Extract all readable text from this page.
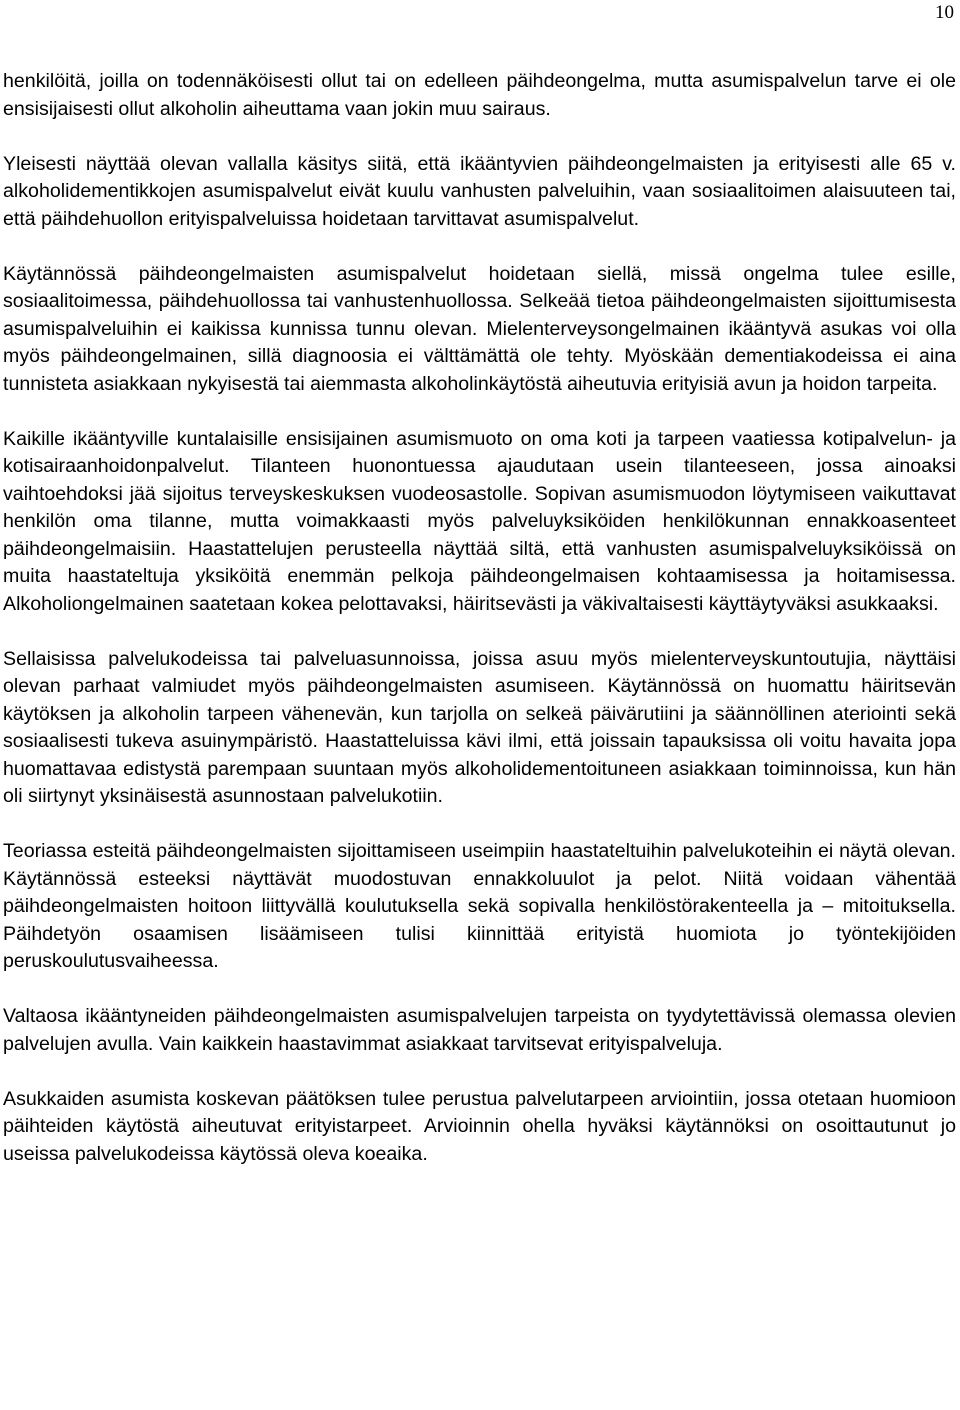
10

henkilöitä, joilla on todennäköisesti ollut tai on edelleen päihdeongelma, mutta asumispalvelun tarve ei ole ensisijaisesti ollut alkoholin aiheuttama vaan jokin muu sairaus.

Yleisesti näyttää olevan vallalla käsitys siitä, että ikääntyvien päihdeongelmaisten ja erityisesti alle 65 v. alkoholidementikkojen asumispalvelut eivät kuulu vanhusten palveluihin, vaan sosiaalitoimen alaisuuteen tai, että päihdehuollon erityispalveluissa hoidetaan tarvittavat asumispalvelut.

Käytännössä päihdeongelmaisten asumispalvelut hoidetaan siellä, missä ongelma tulee esille, sosiaalitoimessa, päihdehuollossa tai vanhustenhuollossa. Selkeää tietoa päihdeongelmaisten sijoittumisesta asumispalveluihin ei kaikissa kunnissa tunnu olevan. Mielenterveysongelmainen ikääntyvä asukas voi olla myös päihdeongelmainen, sillä diagnoosia ei välttämättä ole tehty. Myöskään dementiakodeissa ei aina tunnisteta asiakkaan nykyisestä tai aiemmasta alkoholinkäytöstä aiheutuvia erityisiä avun ja hoidon tarpeita.

Kaikille ikääntyville kuntalaisille ensisijainen asumismuoto on oma koti ja tarpeen vaatiessa kotipalvelun- ja kotisairaanhoidonpalvelut. Tilanteen huonontuessa ajaudutaan usein tilanteeseen, jossa ainoaksi vaihtoehdoksi jää sijoitus terveyskeskuksen vuodeosastolle. Sopivan asumismuodon löytymiseen vaikuttavat henkilön oma tilanne, mutta voimakkaasti myös palveluyksiköiden henkilökunnan ennakkoasenteet päihdeongelmaisiin. Haastattelujen perusteella näyttää siltä, että vanhusten asumispalveluyksiköissä on muita haastateltuja yksiköitä enemmän pelkoja päihdeongelmaisen kohtaamisessa ja hoitamisessa. Alkoholiongelmainen saatetaan kokea pelottavaksi, häiritsevästi ja väkivaltaisesti käyttäytyväksi asukkaaksi.

Sellaisissa palvelukodeissa tai palveluasunnoissa, joissa asuu myös mielenterveyskuntoutujia, näyttäisi olevan parhaat valmiudet myös päihdeongelmaisten asumiseen. Käytännössä on huomattu häiritsevän käytöksen ja alkoholin tarpeen vähenevän, kun tarjolla on selkeä päivärutiini ja säännöllinen ateriointi sekä sosiaalisesti tukeva asuinympäristö. Haastatteluissa kävi ilmi, että joissain tapauksissa oli voitu havaita jopa huomattavaa edistystä parempaan suuntaan myös alkoholidementoituneen asiakkaan toiminnoissa, kun hän oli siirtynyt yksinäisestä asunnostaan palvelukotiin.

Teoriassa esteitä päihdeongelmaisten sijoittamiseen useimpiin haastateltuihin palvelukoteihin ei näytä olevan. Käytännössä esteeksi näyttävät muodostuvan ennakkoluulot ja pelot. Niitä voidaan vähentää päihdeongelmaisten hoitoon liittyvällä koulutuksella sekä sopivalla henkilöstörakenteella ja – mitoituksella. Päihdetyön osaamisen lisäämiseen tulisi kiinnittää erityistä huomiota jo työntekijöiden peruskoulutusvaiheessa.

Valtaosa ikääntyneiden päihdeongelmaisten asumispalvelujen tarpeista on tyydytettävissä olemassa olevien palvelujen avulla. Vain kaikkein haastavimmat asiakkaat tarvitsevat erityispalveluja.

Asukkaiden asumista koskevan päätöksen tulee perustua palvelutarpeen arviointiin, jossa otetaan huomioon päihteiden käytöstä aiheutuvat erityistarpeet. Arvioinnin ohella hyväksi käytännöksi on osoittautunut jo useissa palvelukodeissa käytössä oleva koeaika.
